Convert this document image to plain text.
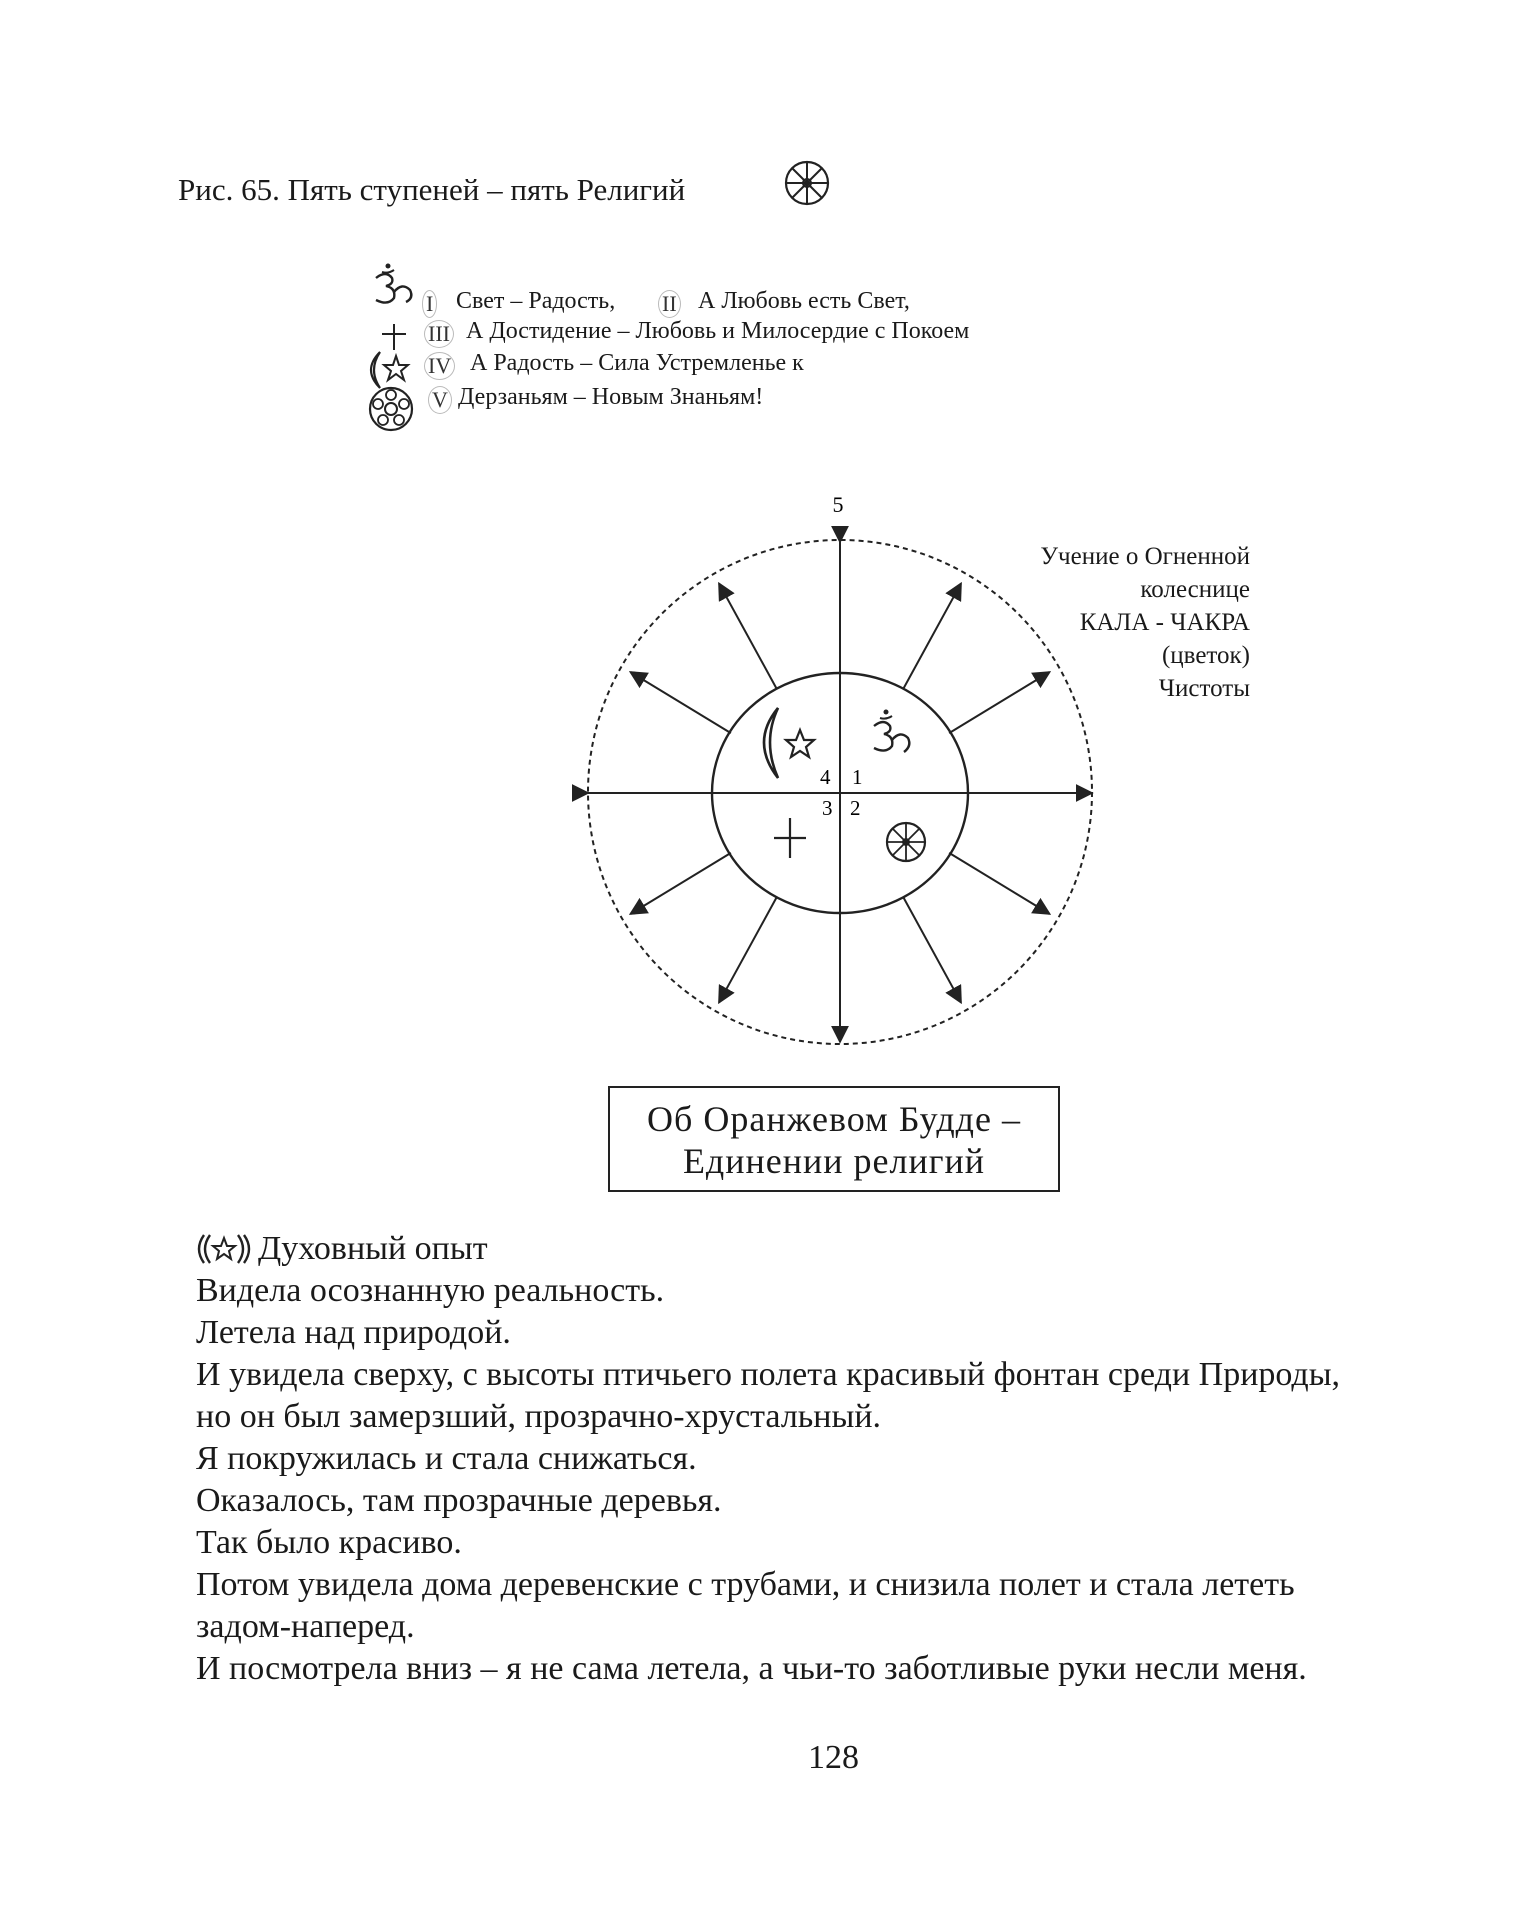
Рис. 65. Пять ступеней – пять Религий
I Свет – Радость, II А Любовь есть Свет,
III А Достидение – Любовь и Милосердие с Покоем
IV А Радость – Сила Устремленье к
V Дерзаньям – Новым Знаньям!
5
1
2
3
4
Учение о Огненной
колеснице
КАЛА - ЧАКРА
(цветок)
Чистоты
Об Оранжевом Будде –
Единении религий
Духовный опыт
Видела осознанную реальность.
Летела над природой.
И увидела сверху, с высоты птичьего полета красивый фонтан среди Природы,
но он был замерзший, прозрачно-хрустальный.
Я покружилась и стала снижаться.
Оказалось, там прозрачные деревья.
Так было красиво.
Потом увидела дома деревенские с трубами, и снизила полет и стала лететь
задом-наперед.
И посмотрела вниз – я не сама летела, а чьи-то заботливые руки несли меня.
128
